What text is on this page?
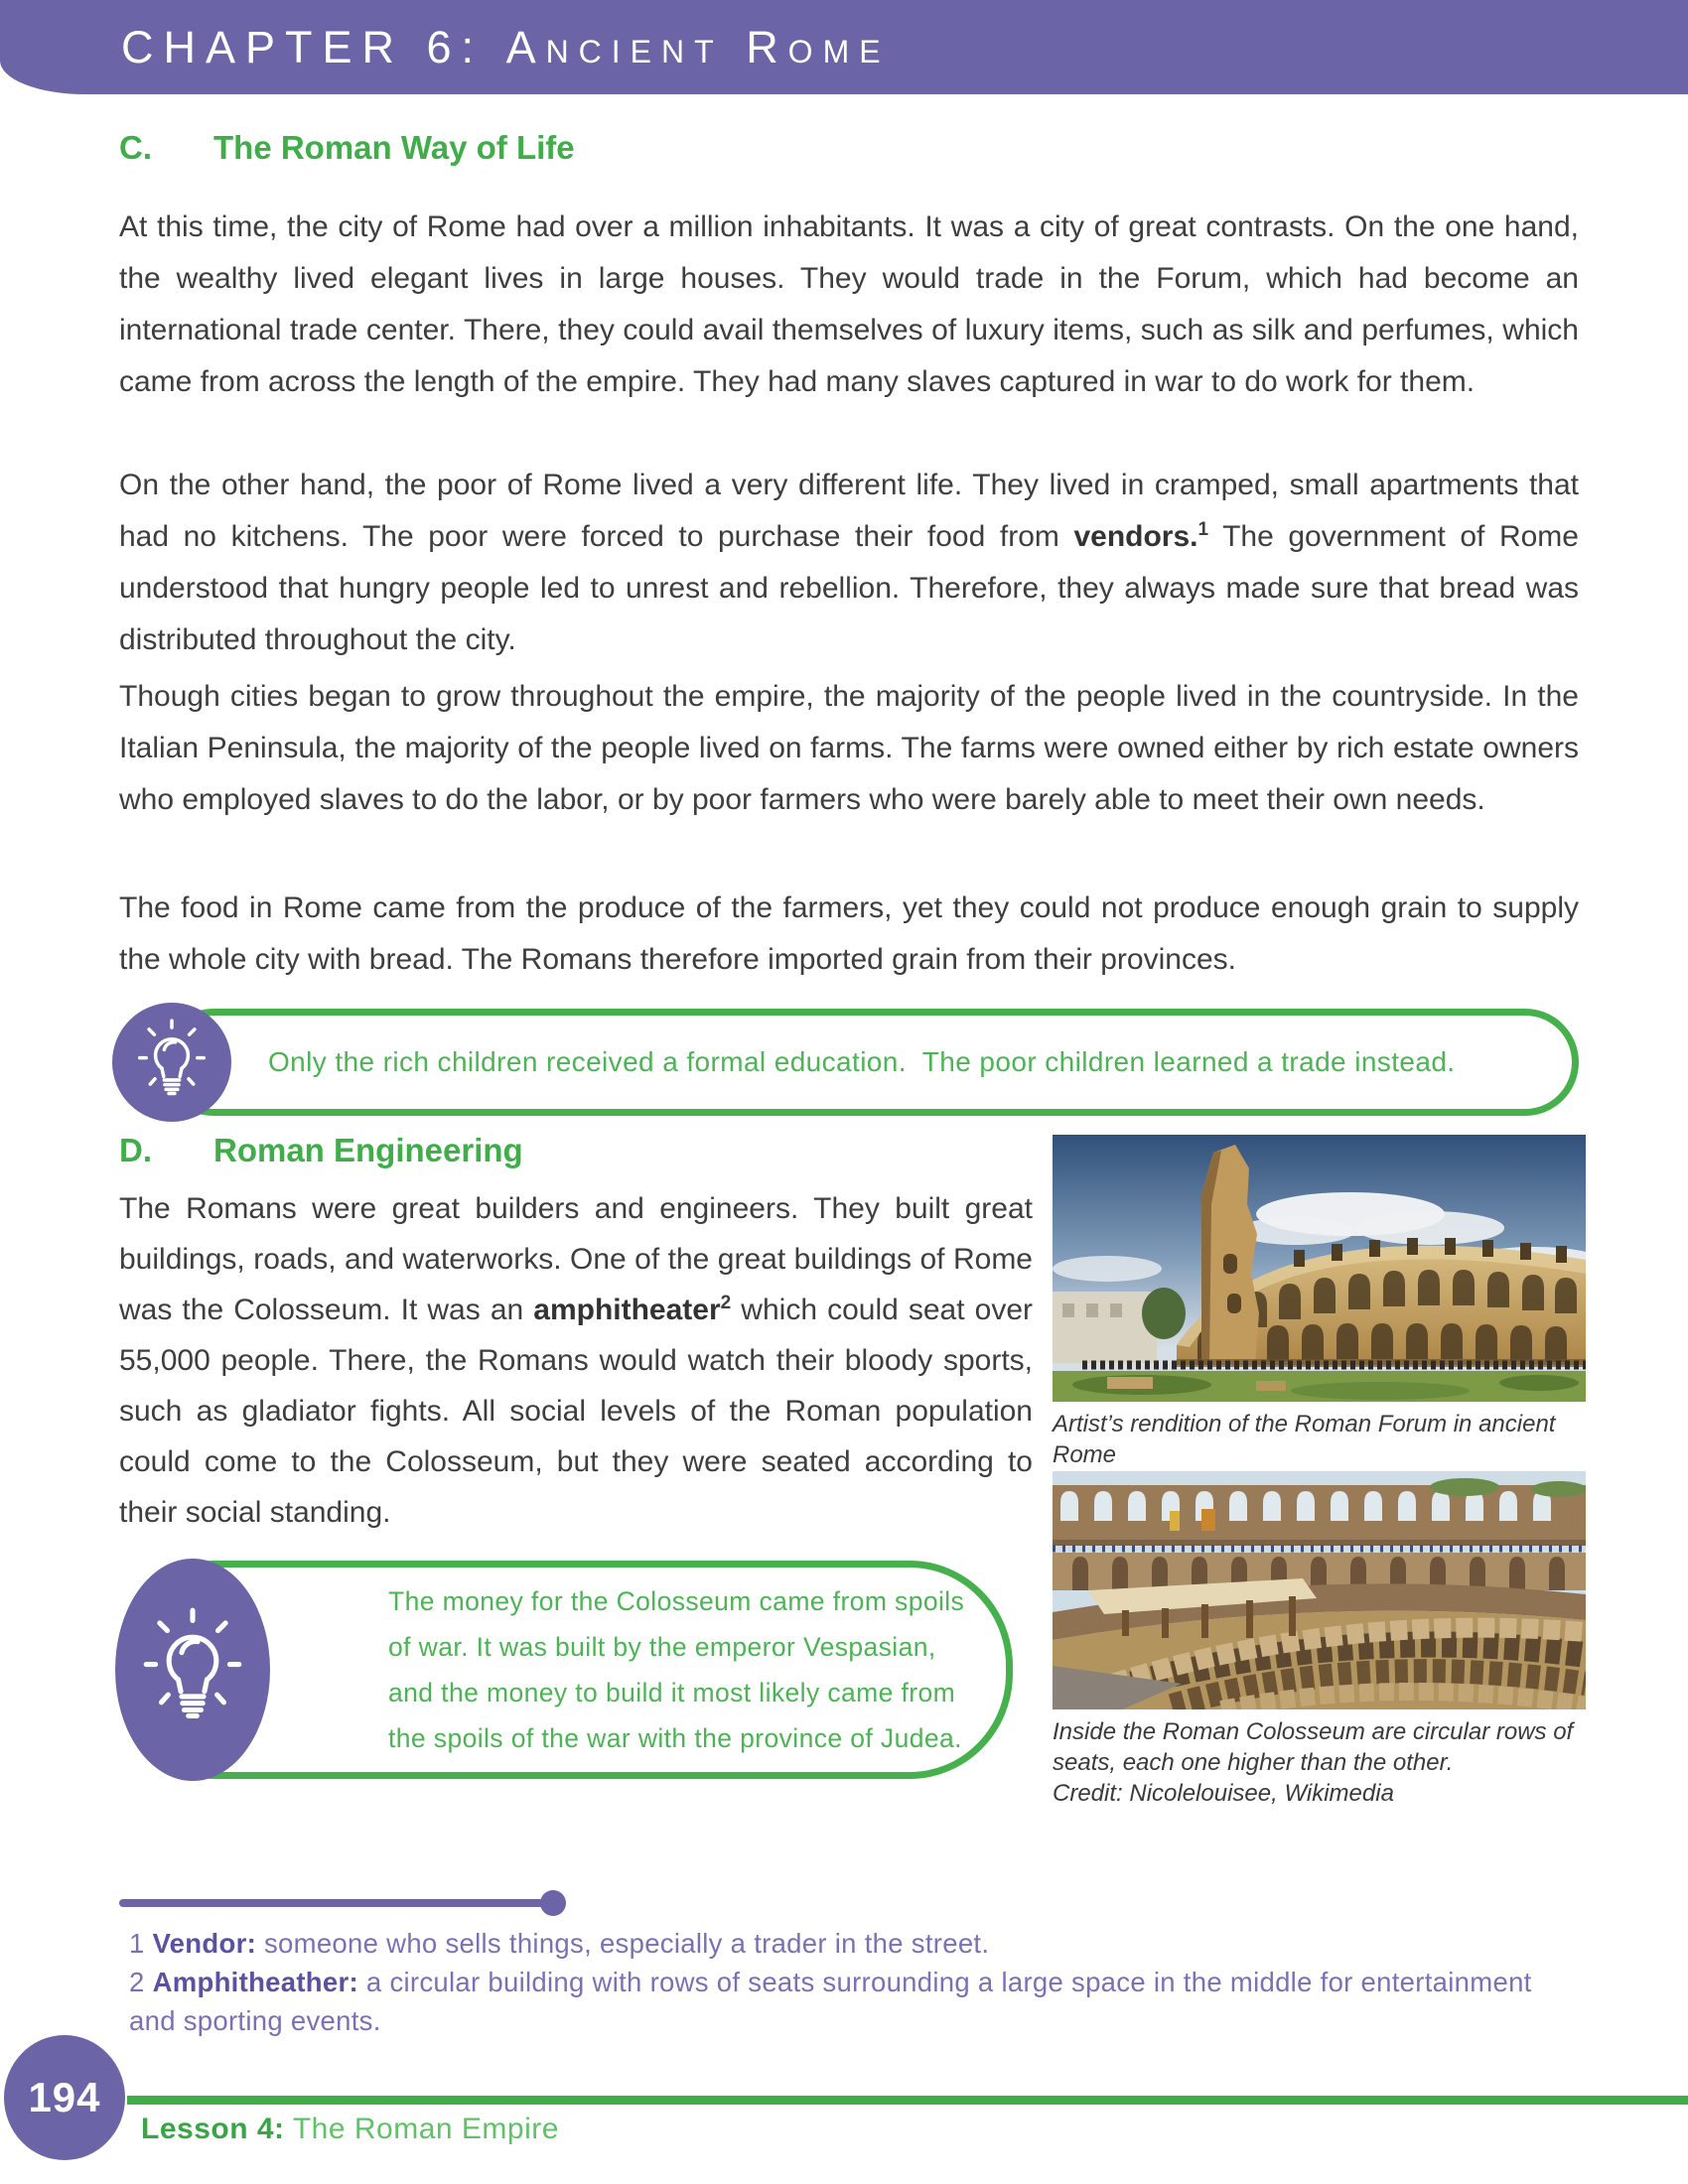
CHAPTER 6: Ancient Rome
C. The Roman Way of Life

At this time, the city of Rome had over a million inhabitants. It was a city of great contrasts. On the one hand, the wealthy lived elegant lives in large houses. They would trade in the Forum, which had become an international trade center. There, they could avail themselves of luxury items, such as silk and perfumes, which came from across the length of the empire. They had many slaves captured in war to do work for them.

On the other hand, the poor of Rome lived a very different life. They lived in cramped, small apartments that had no kitchens. The poor were forced to purchase their food from vendors.$^1$ The government of Rome understood that hungry people led to unrest and rebellion. Therefore, they always made sure that bread was distributed throughout the city.

Though cities began to grow throughout the empire, the majority of the people lived in the countryside. In the Italian Peninsula, the majority of the people lived on farms. The farms were owned either by rich estate owners who employed slaves to do the labor, or by poor farmers who were barely able to meet their own needs.

The food in Rome came from the produce of the farmers, yet they could not produce enough grain to supply the whole city with bread. The Romans therefore imported grain from their provinces.

Only the rich children received a formal education.  The poor children learned a trade instead.
D. Roman Engineering

The Romans were great builders and engineers. They built great buildings, roads, and waterworks. One of the great buildings of Rome was the Colosseum. It was an amphitheater$^2$ which could seat over 55,000 people. There, the Romans would watch their bloody sports, such as gladiator fights. All social levels of the Roman population could come to the Colosseum, but they were seated according to their social standing.

Artist’s rendition of the Roman Forum in ancient Rome
Inside the Roman Colosseum are circular rows of seats, each one higher than the other.
Credit: Nicolelouisee, Wikimedia
The money for the Colosseum came from spoils of war. It was built by the emperor Vespasian, and the money to build it most likely came from the spoils of the war with the province of Judea.

1 Vendor: someone who sells things, especially a trader in the street.

2 Amphitheather: a circular building with rows of seats surrounding a large space in the middle for entertainment and sporting events.

194
Lesson 4: The Roman Empire
